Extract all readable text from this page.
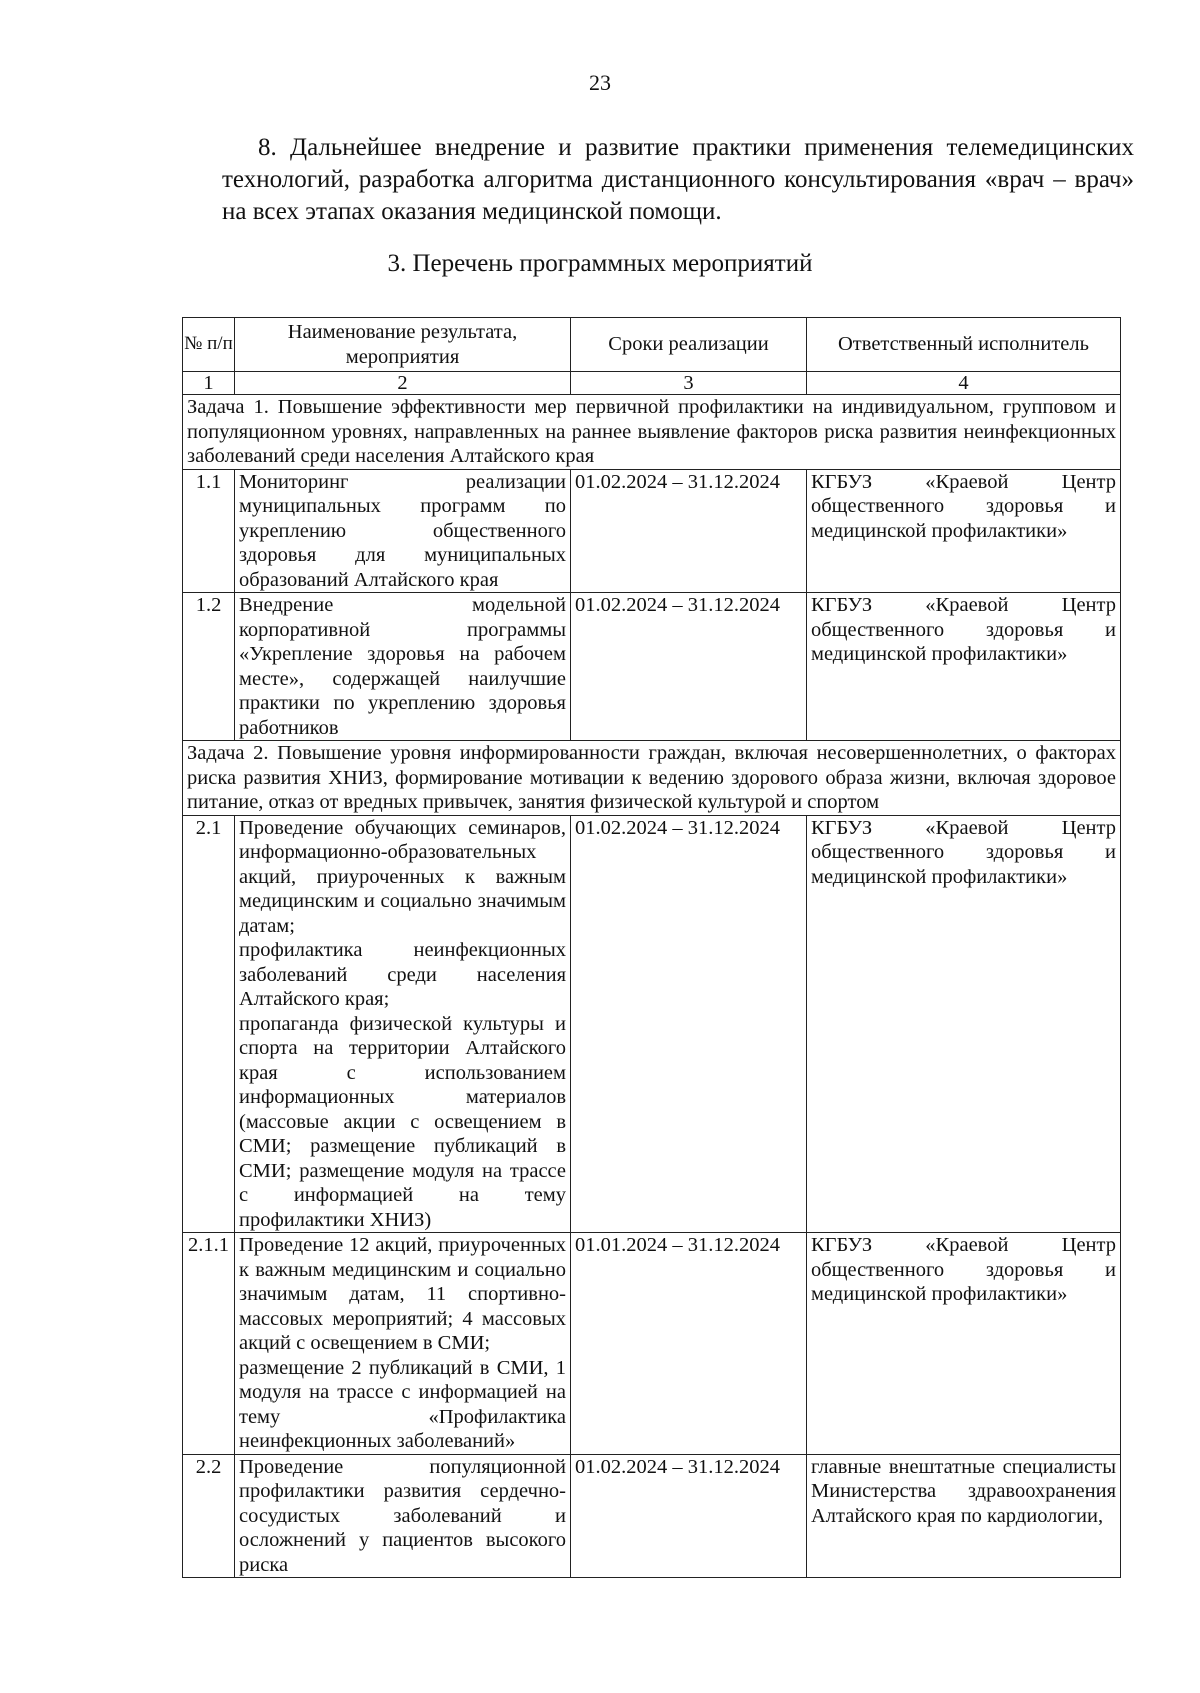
23

8. Дальнейшее внедрение и развитие практики применения телемедицинских технологий, разработка алгоритма дистанционного консультирования «врач – врач» на всех этапах оказания медицинской помощи.

3. Перечень программных мероприятий
№ п/п	Наименование результата, мероприятия	Сроки реализации	Ответственный исполнитель
1	2	3	4
Задача 1. Повышение эффективности мер первичной профилактики на индивидуальном, групповом и популяционном уровнях, направленных на раннее выявление факторов риска развития неинфекционных заболеваний среди населения Алтайского края			
1.1	Мониторинг реализации муниципальных программ по укреплению общественного здоровья для муниципальных образований Алтайского края	01.02.2024 – 31.12.2024	КГБУЗ «Краевой Центр общественного здоровья и медицинской профилактики»
1.2	Внедрение модельной корпоративной программы «Укрепление здоровья на рабочем месте», содержащей наилучшие практики по укреплению здоровья работников	01.02.2024 – 31.12.2024	КГБУЗ «Краевой Центр общественного здоровья и медицинской профилактики»
Задача 2. Повышение уровня информированности граждан, включая несовершеннолетних, о факторах риска развития ХНИЗ, формирование мотивации к ведению здорового образа жизни, включая здоровое питание, отказ от вредных привычек, занятия физической культурой и спортом			
2.1	Проведение обучающих семинаров, информационно-образовательных акций, приуроченных к важным медицинским и социально значимым датам;
профилактика неинфекционных заболеваний среди населения Алтайского края;
пропаганда физической культуры и спорта на территории Алтайского края с использованием информационных материалов (массовые акции с освещением в СМИ; размещение публикаций в СМИ; размещение модуля на трассе с информацией на тему профилактики ХНИЗ)	01.02.2024 – 31.12.2024	КГБУЗ «Краевой Центр общественного здоровья и медицинской профилактики»
2.1.1	Проведение 12 акций, приуроченных к важным медицинским и социально значимым датам, 11 спортивно-массовых мероприятий; 4 массовых акций с освещением в СМИ;
размещение 2 публикаций в СМИ, 1 модуля на трассе с информацией на тему «Профилактика неинфекционных заболеваний»	01.01.2024 – 31.12.2024	КГБУЗ «Краевой Центр общественного здоровья и медицинской профилактики»
2.2	Проведение популяционной профилактики развития сердечно-сосудистых заболеваний и осложнений у пациентов высокого риска	01.02.2024 – 31.12.2024	главные внештатные специалисты Министерства здравоохранения Алтайского края по кардиологии,
